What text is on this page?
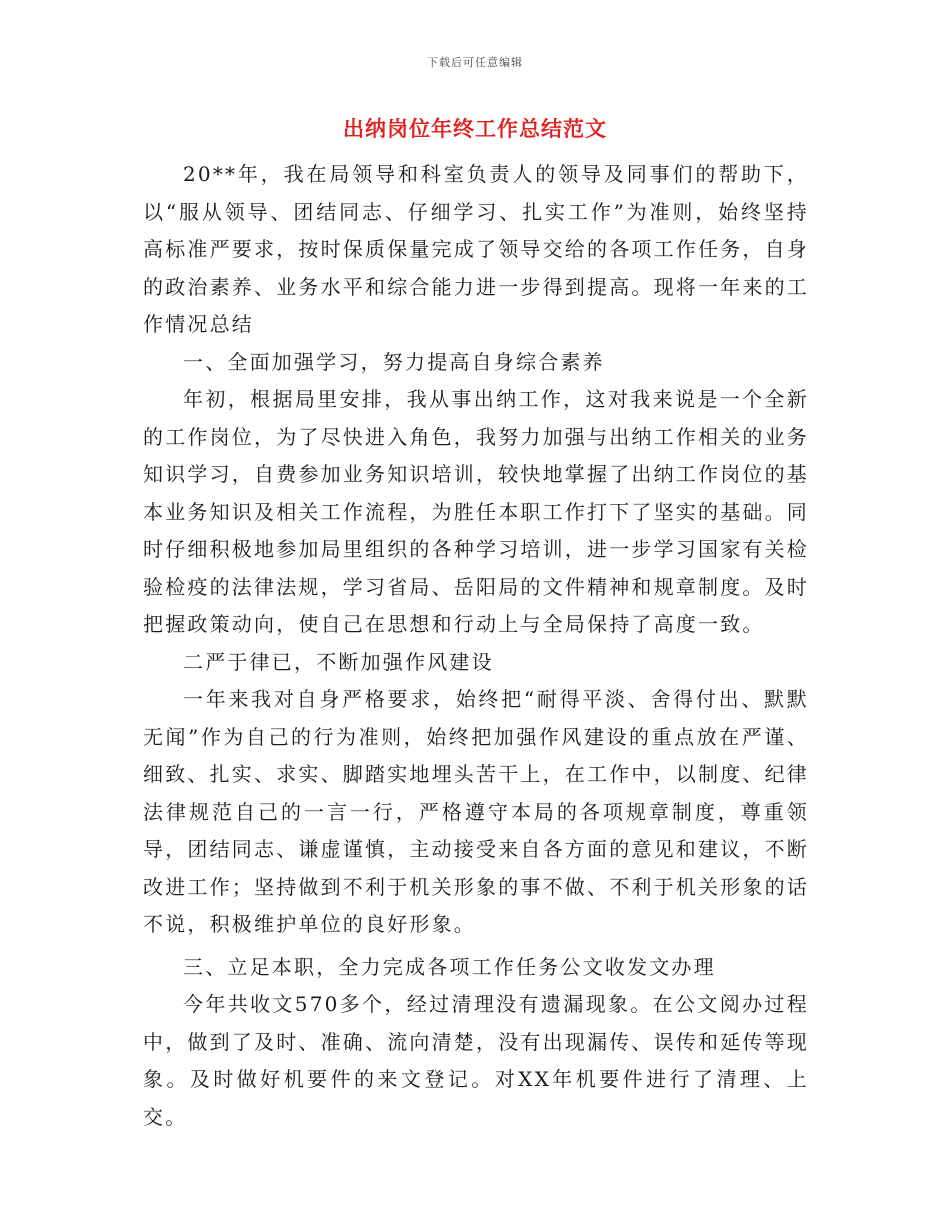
下载后可任意编辑
出纳岗位年终工作总结范文

20**年，我在局领导和科室负责人的领导及同事们的帮助下，以“服从领导、团结同志、仔细学习、扎实工作”为准则，始终坚持高标准严要求，按时保质保量完成了领导交给的各项工作任务，自身 的政治素养、业务水平和综合能力进一步得到提高。现将一年来的工作情况总结

一、全面加强学习，努力提高自身综合素养

年初，根据局里安排，我从事出纳工作，这对我来说是一个全新的工作岗位，为了尽快进入角色，我努力加强与出纳工作相关的业务知识学习，自费参加业务知识培训，较快地掌握了出纳工作岗位的基本业务知识及相关工作流程，为胜任本职工作打下了坚实的基础。同时仔细积极地参加局里组织的各种学习培训，进一步学习国家有关检验检疫的法律法规，学习省局、岳阳局的文件精神和规章制度。及时把握政策动向，使自己在思想和行动上与全局保持了高度一致。

二严于律已，不断加强作风建设

一年来我对自身严格要求，始终把“耐得平淡、舍得付出、默默无闻”作为自己的行为准则，始终把加强作风建设的重点放在严谨、细致、扎实、求实、脚踏实地埋头苦干上，在工作中，以制度、纪律法律规范自己的一言一行，严格遵守本局的各项规章制度，尊重领导，团结同志、谦虚谨慎，主动接受来自各方面的意见和建议，不断改进工作；坚持做到不利于机关形象的事不做、不利于机关形象的话不说，积极维护单位的良好形象。

三、立足本职，全力完成各项工作任务公文收发文办理

今年共收文570多个，经过清理没有遗漏现象。在公文阅办过程中，做到了及时、准确、流向清楚，没有出现漏传、误传和延传等现象。及时做好机要件的来文登记。对XX年机要件进行了清理、上交。
